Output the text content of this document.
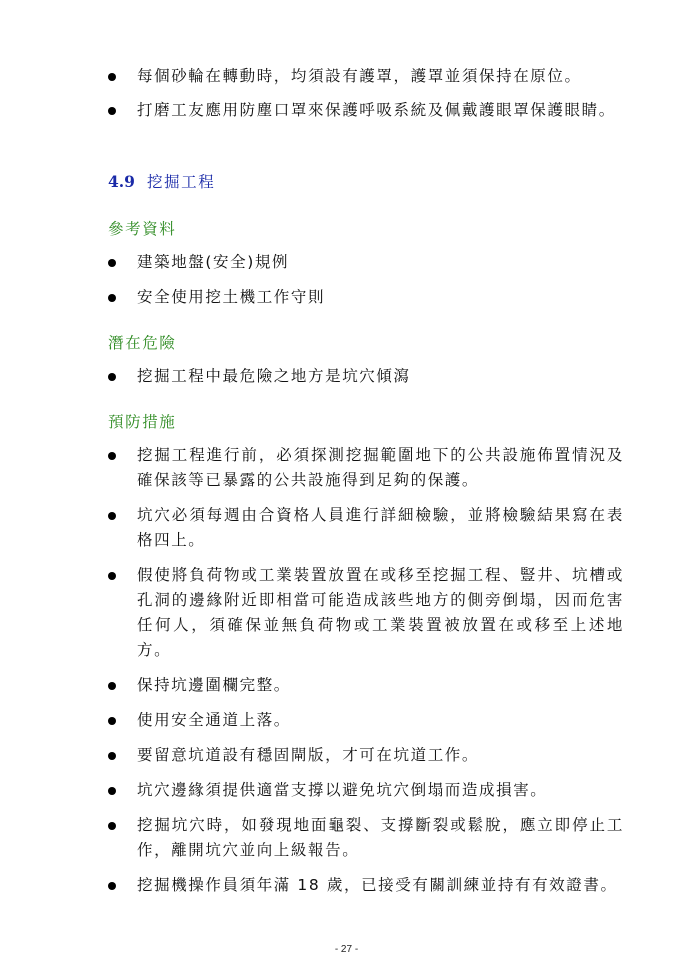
每個砂輪在轉動時，均須設有護罩，護罩並須保持在原位。
打磨工友應用防塵口罩來保護呼吸系統及佩戴護眼罩保護眼睛。
4.9 挖掘工程
參考資料
建築地盤(安全)規例
安全使用挖土機工作守則
潛在危險
挖掘工程中最危險之地方是坑穴傾瀉
預防措施
挖掘工程進行前，必須探測挖掘範圍地下的公共設施佈置情況及確保該等已暴露的公共設施得到足夠的保護。
坑穴必須每週由合資格人員進行詳細檢驗，並將檢驗結果寫在表格四上。
假使將負荷物或工業裝置放置在或移至挖掘工程、豎井、坑槽或孔洞的邊緣附近即相當可能造成該些地方的側旁倒塌，因而危害任何人，須確保並無負荷物或工業裝置被放置在或移至上述地方。
保持坑邊圍欄完整。
使用安全通道上落。
要留意坑道設有穩固閘版，才可在坑道工作。
坑穴邊緣須提供適當支撐以避免坑穴倒塌而造成損害。
挖掘坑穴時，如發現地面龜裂、支撐斷裂或鬆脫，應立即停止工作，離開坑穴並向上級報告。
挖掘機操作員須年滿 18 歲，已接受有關訓練並持有有效證書。
- 27 -
